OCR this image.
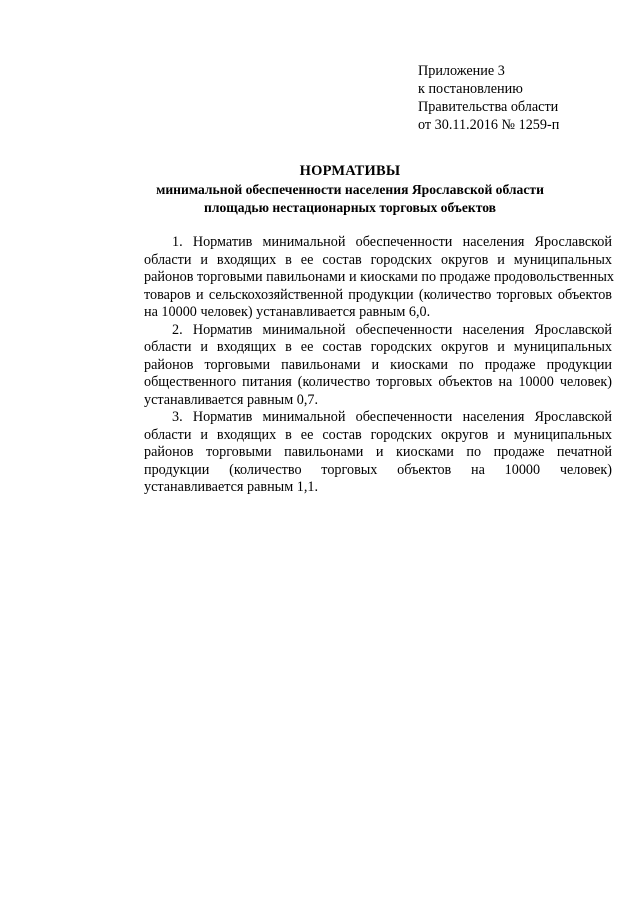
Приложение 3
к постановлению
Правительства области
от 30.11.2016 № 1259-п
НОРМАТИВЫ
минимальной обеспеченности населения Ярославской области
площадью нестационарных торговых объектов
1. Норматив минимальной обеспеченности населения Ярославской
области и входящих в ее состав городских округов и муниципальных
районов торговыми павильонами и киосками по продаже продовольственных
товаров и сельскохозяйственной продукции (количество торговых объектов
на 10000 человек) устанавливается равным 6,0.
2. Норматив минимальной обеспеченности населения Ярославской
области и входящих в ее состав городских округов и муниципальных
районов торговыми павильонами и киосками по продаже продукции
общественного питания (количество торговых объектов на 10000 человек)
устанавливается равным 0,7.
3. Норматив минимальной обеспеченности населения Ярославской
области и входящих в ее состав городских округов и муниципальных
районов торговыми павильонами и киосками по продаже печатной
продукции (количество торговых объектов на 10000 человек)
устанавливается равным 1,1.
